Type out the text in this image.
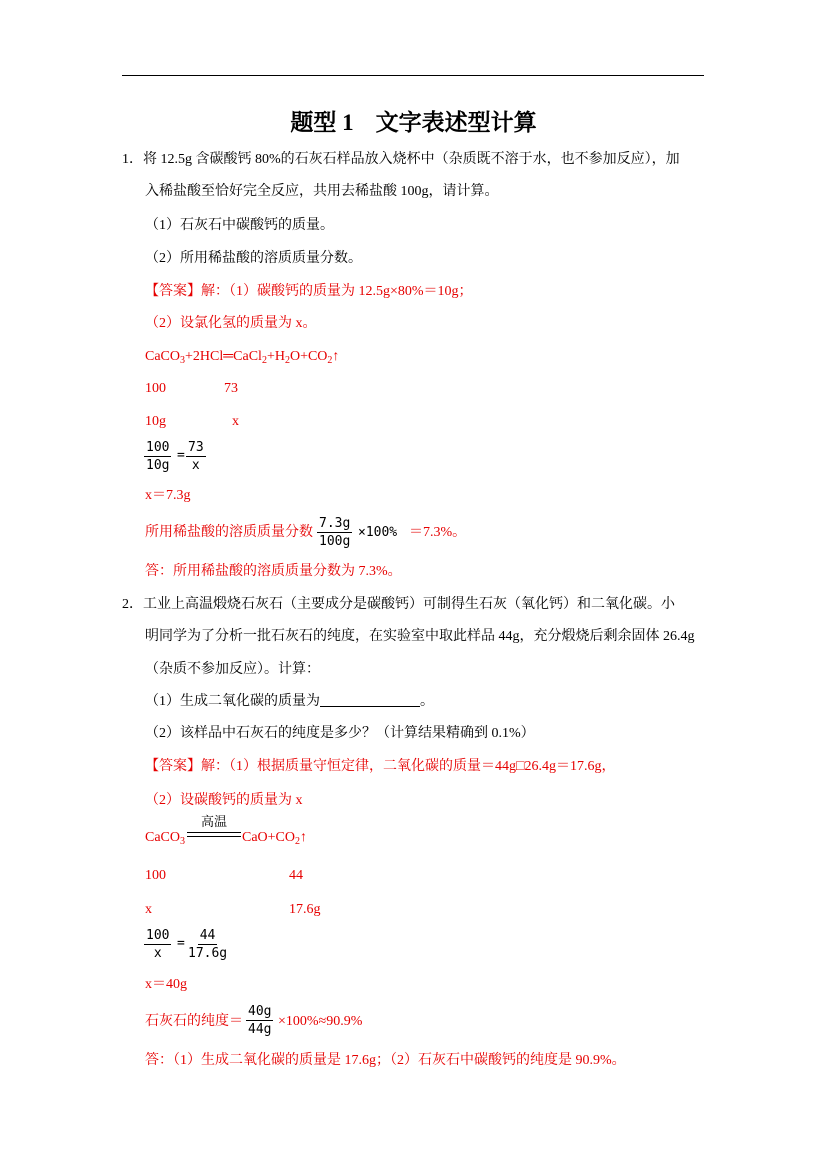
题型 1 文字表述型计算
1．将 12.5g 含碳酸钙 80%的石灰石样品放入烧杯中（杂质既不溶于水，也不参加反应），加
入稀盐酸至恰好完全反应，共用去稀盐酸 100g，请计算。
（1）石灰石中碳酸钙的质量。
（2）所用稀盐酸的溶质质量分数。
【答案】解：（1）碳酸钙的质量为 12.5g×80%＝10g；
（2）设氯化氢的质量为 x。
$CaCO_3+2HCl═CaCl_2+H_2O+CO_2↑$
100	73
10g	x
$\frac{100}{10g} = \frac{73}{x}$
x＝7.3g
所用稀盐酸的溶质质量分数 $\frac{7.3g}{100g} \times 100\% =7.3\%$。
答：所用稀盐酸的溶质质量分数为 7.3%。
2．工业上高温煅烧石灰石（主要成分是碳酸钙）可制得生石灰（氧化钙）和二氧化碳。小
明同学为了分析一批石灰石的纯度，在实验室中取此样品 44g，充分煅烧后剩余固体 26.4g
（杂质不参加反应）。计算：
（1）生成二氧化碳的质量为	。
（2）该样品中石灰石的纯度是多少？（计算结果精确到 0.1%）
【答案】解：（1）根据质量守恒定律，二氧化碳的质量＝44g□26.4g＝17.6g，
（2）设碳酸钙的质量为 x
CaCO$_3$
高温
$CaO+CO_2↑$
100	44
x	17.6g
$\frac{100}{x} = \frac{44}{17.6g}$
x＝40g
石灰石的纯度＝ $\frac{40g}{44g} \times 100\%\approx 90.9\%$
答：（1）生成二氧化碳的质量是 17.6g；（2）石灰石中碳酸钙的纯度是 90.9%。
